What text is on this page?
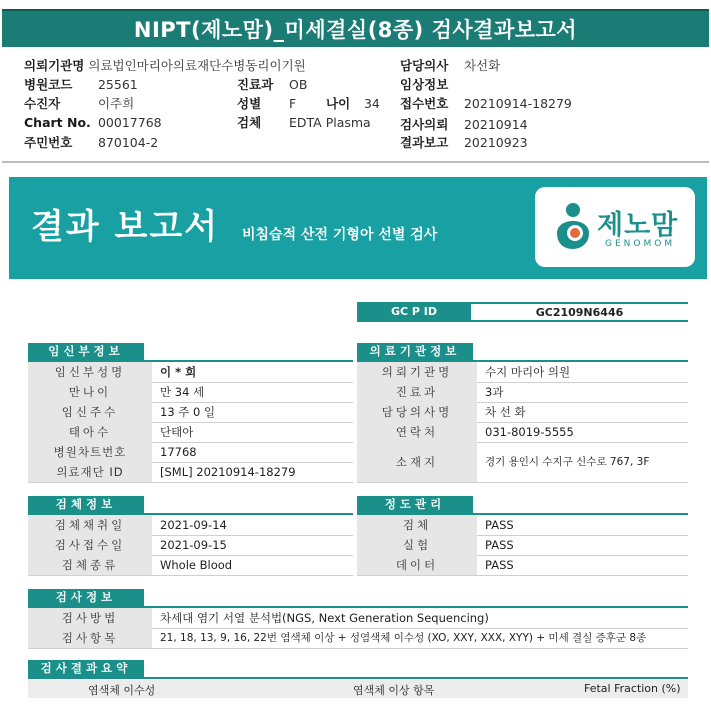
NIPT(제노맘)_미세결실(8종) 검사결과보고서
의뢰기관명 의료법인마리아의료재단수병동리이기원	담당의사 차선화
병원코드 25561	진료과 OB	임상정보
수진자	이주희	성별 F 나이 34 접수번호 20210914-18279
Chart No. 00017768	검체 EDTA Plasma 검사의뢰 20210914
주민번호 870104-2	결과보고 20210923
결과 보고서 비침습적 산전 기형아 선별 검사	제노맘
GENOMOM
GC P ID	GC2109N6446
임신부정보
임신부성명	이 * 희
만나이	만 34 세
임신주수	13 주 0 일
태아수	단태아
병원차트번호	17768
의료재단 ID	[SML] 20210914-18279
의료기관정보
의뢰기관명	수지 마리아 의원
진료과	3과
담당의사명	차 선 화
연락처	031-8019-5555
소재지	경기 용인시 수지구 신수로 767, 3F
검체정보
검체채취일	2021-09-14
검사접수일	2021-09-15
검체종류	Whole Blood
정도관리
검체	PASS
실험	PASS
데이터	PASS
검사정보
검사방법	차세대 염기 서열 분석법(NGS, Next Generation Sequencing)
검사항목	21, 18, 13, 9, 16, 22번 염색체 이상 + 성염색체 이수성 (XO, XXY, XXX, XYY) + 미세 결실 증후군 8종
검사결과요약
염색체 이수성	염색체 이상 항목	Fetal Fraction (%)
